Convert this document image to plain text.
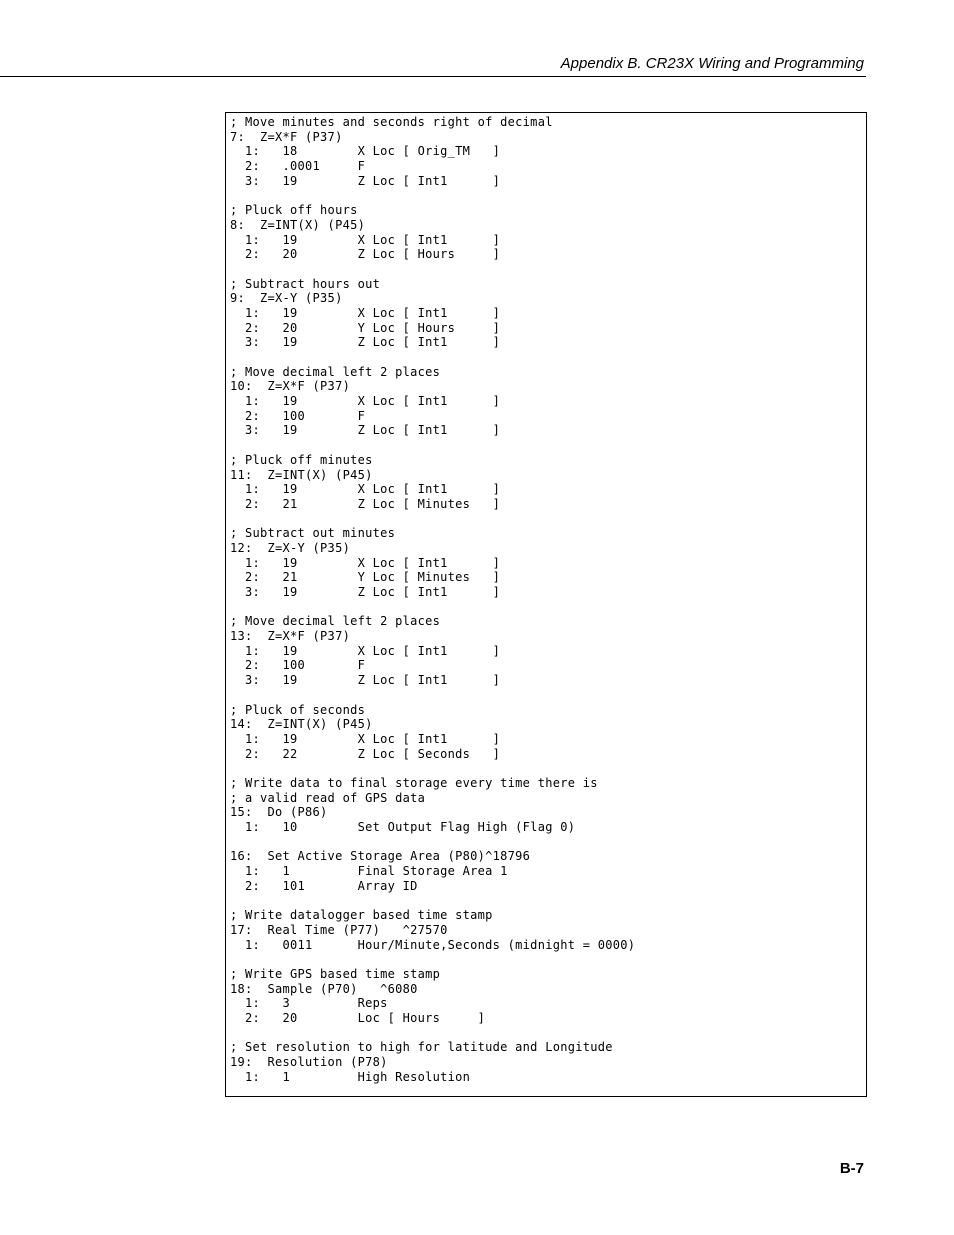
Appendix B. CR23X Wiring and Programming
; Move minutes and seconds right of decimal
7:  Z=X*F (P37)
1:   18        X Loc [ Orig_TM   ]
2:   .0001     F
3:   19        Z Loc [ Int1      ]

; Pluck off hours
8:  Z=INT(X) (P45)
1:   19        X Loc [ Int1      ]
2:   20        Z Loc [ Hours     ]

; Subtract hours out
9:  Z=X-Y (P35)
1:   19        X Loc [ Int1      ]
2:   20        Y Loc [ Hours     ]
3:   19        Z Loc [ Int1      ]

; Move decimal left 2 places
10:  Z=X*F (P37)
1:   19        X Loc [ Int1      ]
2:   100       F
3:   19        Z Loc [ Int1      ]

; Pluck off minutes
11:  Z=INT(X) (P45)
1:   19        X Loc [ Int1      ]
2:   21        Z Loc [ Minutes   ]

; Subtract out minutes
12:  Z=X-Y (P35)
1:   19        X Loc [ Int1      ]
2:   21        Y Loc [ Minutes   ]
3:   19        Z Loc [ Int1      ]

; Move decimal left 2 places
13:  Z=X*F (P37)
1:   19        X Loc [ Int1      ]
2:   100       F
3:   19        Z Loc [ Int1      ]

; Pluck of seconds
14:  Z=INT(X) (P45)
1:   19        X Loc [ Int1      ]
2:   22        Z Loc [ Seconds   ]

; Write data to final storage every time there is
; a valid read of GPS data
15:  Do (P86)
1:   10        Set Output Flag High (Flag 0)

16:  Set Active Storage Area (P80)^18796
1:   1         Final Storage Area 1
2:   101       Array ID

; Write datalogger based time stamp
17:  Real Time (P77)   ^27570
1:   0011      Hour/Minute,Seconds (midnight = 0000)

; Write GPS based time stamp
18:  Sample (P70)   ^6080
1:   3         Reps
2:   20        Loc [ Hours     ]

; Set resolution to high for latitude and Longitude
19:  Resolution (P78)
1:   1         High Resolution

B-7
